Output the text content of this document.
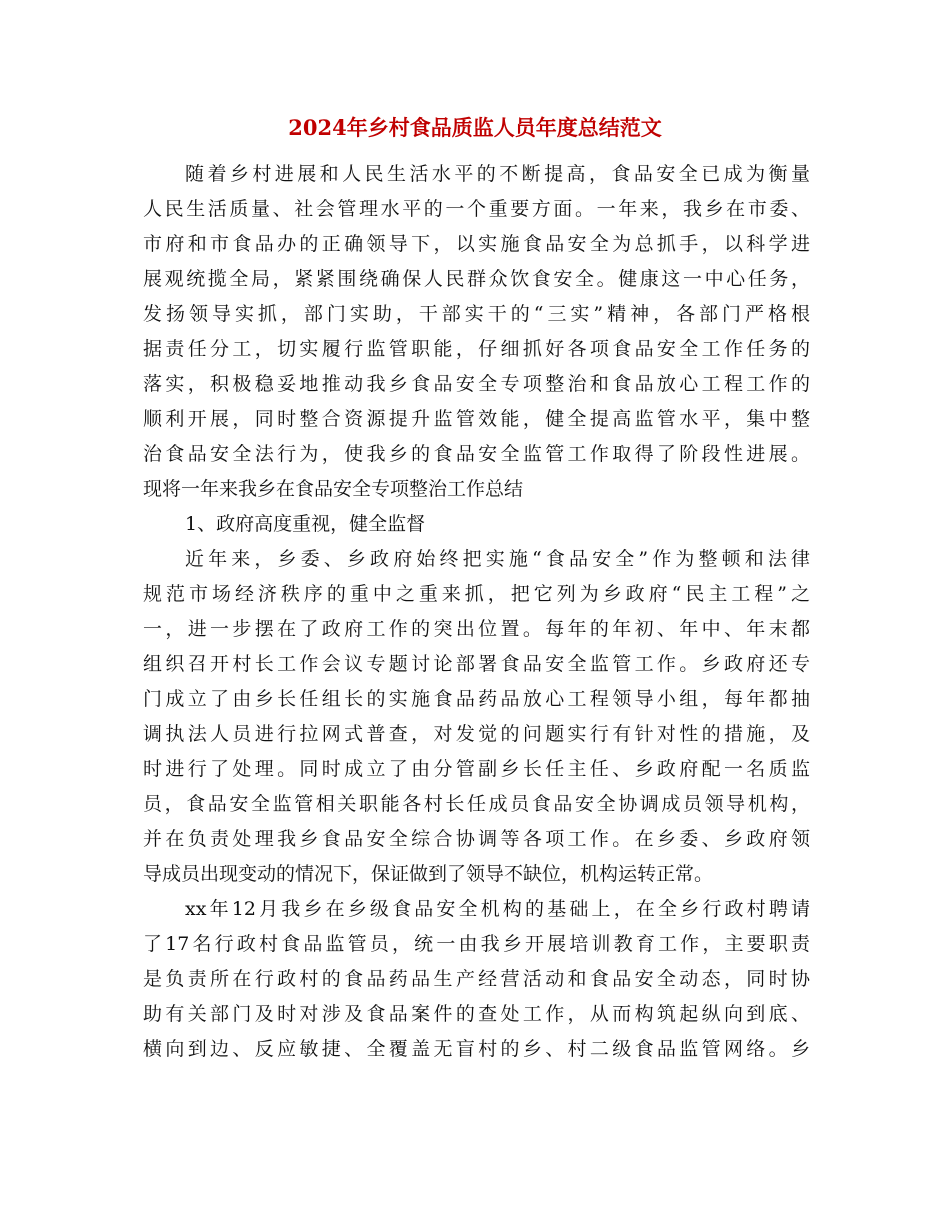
2024年乡村食品质监人员年度总结范文
随着乡村进展和人民生活水平的不断提高，食品安全已成为衡量
人民生活质量、社会管理水平的一个重要方面。一年来，我乡在市委、
市府和市食品办的正确领导下，以实施食品安全为总抓手，以科学进
展观统揽全局，紧紧围绕确保人民群众饮食安全。健康这一中心任务，
发扬领导实抓，部门实助，干部实干的“三实”精神，各部门严格根
据责任分工，切实履行监管职能，仔细抓好各项食品安全工作任务的
落实，积极稳妥地推动我乡食品安全专项整治和食品放心工程工作的
顺利开展，同时整合资源提升监管效能，健全提高监管水平，集中整
治食品安全法行为，使我乡的食品安全监管工作取得了阶段性进展。
现将一年来我乡在食品安全专项整治工作总结
1、政府高度重视，健全监督
近年来，乡委、乡政府始终把实施“食品安全”作为整顿和法律
规范市场经济秩序的重中之重来抓，把它列为乡政府“民主工程”之
一，进一步摆在了政府工作的突出位置。每年的年初、年中、年末都
组织召开村长工作会议专题讨论部署食品安全监管工作。乡政府还专
门成立了由乡长任组长的实施食品药品放心工程领导小组，每年都抽
调执法人员进行拉网式普查，对发觉的问题实行有针对性的措施，及
时进行了处理。同时成立了由分管副乡长任主任、乡政府配一名质监
员，食品安全监管相关职能各村长任成员食品安全协调成员领导机构，
并在负责处理我乡食品安全综合协调等各项工作。在乡委、乡政府领
导成员出现变动的情况下，保证做到了领导不缺位，机构运转正常。
xx年12月我乡在乡级食品安全机构的基础上，在全乡行政村聘请
了17名行政村食品监管员，统一由我乡开展培训教育工作，主要职责
是负责所在行政村的食品药品生产经营活动和食品安全动态，同时协
助有关部门及时对涉及食品案件的查处工作，从而构筑起纵向到底、
横向到边、反应敏捷、全覆盖无盲村的乡、村二级食品监管网络。乡
